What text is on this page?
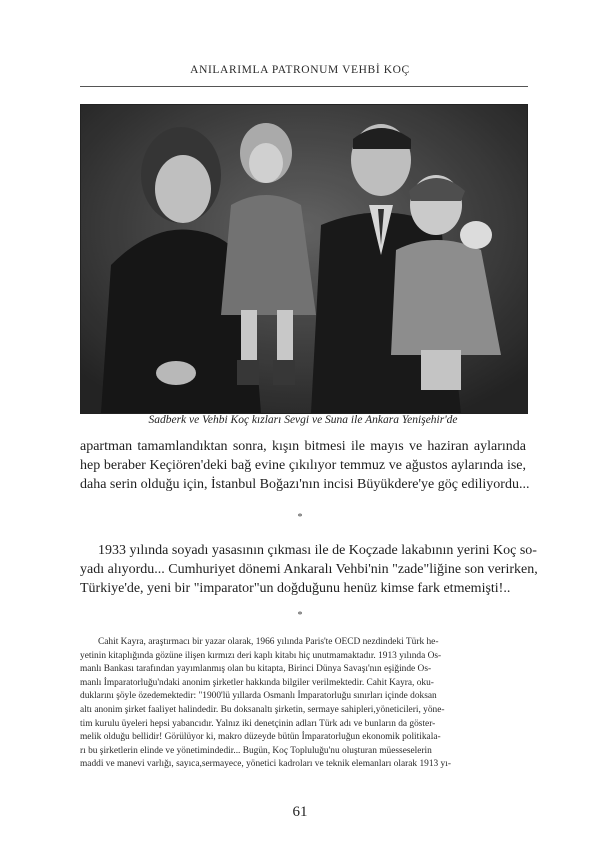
ANILARIMLA PATRONUM VEHBİ KOÇ
Sadberk ve Vehbi Koç kızları Sevgi ve Suna ile Ankara Yenişehir'de
apartman tamamlandıktan sonra, kışın bitmesi ile mayıs ve haziran aylarında
hep beraber Keçiören'deki bağ evine çıkılıyor temmuz ve ağustos aylarında ise,
daha serin olduğu için, İstanbul Boğazı'nın incisi Büyükdere'ye göç ediliyordu...
*
1933 yılında soyadı yasasının çıkması ile de Koçzade lakabının yerini Koç so-
yadı alıyordu... Cumhuriyet dönemi Ankaralı Vehbi'nin "zade"liğine son verirken,
Türkiye'de, yeni bir "imparator"un doğduğunu henüz kimse fark etmemişti!..
*
Cahit Kayra, araştırmacı bir yazar olarak, 1966 yılında Paris'te OECD nezdindeki Türk he-
yetinin kitaplığında gözüne ilişen kırmızı deri kaplı kitabı hiç unutmamaktadır. 1913 yılında Os-
manlı Bankası tarafından yayımlanmış olan bu kitapta, Birinci Dünya Savaşı'nın eşiğinde Os-
manlı İmparatorluğu'ndaki anonim şirketler hakkında bilgiler verilmektedir. Cahit Kayra, oku-
duklarını şöyle özedemektedir: "1900'lü yıllarda Osmanlı İmparatorluğu sınırları içinde doksan
altı anonim şirket faaliyet halindedir. Bu doksanaltı şirketin, sermaye sahipleri,yöneticileri, yöne-
tim kurulu üyeleri hepsi yabancıdır. Yalnız iki denetçinin adları Türk adı ve bunların da göster-
melik olduğu bellidir! Görülüyor ki, makro düzeyde bütün İmparatorluğun ekonomik politikala-
rı bu şirketlerin elinde ve yönetimindedir... Bugün, Koç Topluluğu'nu oluşturan müesseselerin
maddi ve manevi varlığı, sayıca,sermayece, yönetici kadroları ve teknik elemanları olarak 1913 yı-
61
